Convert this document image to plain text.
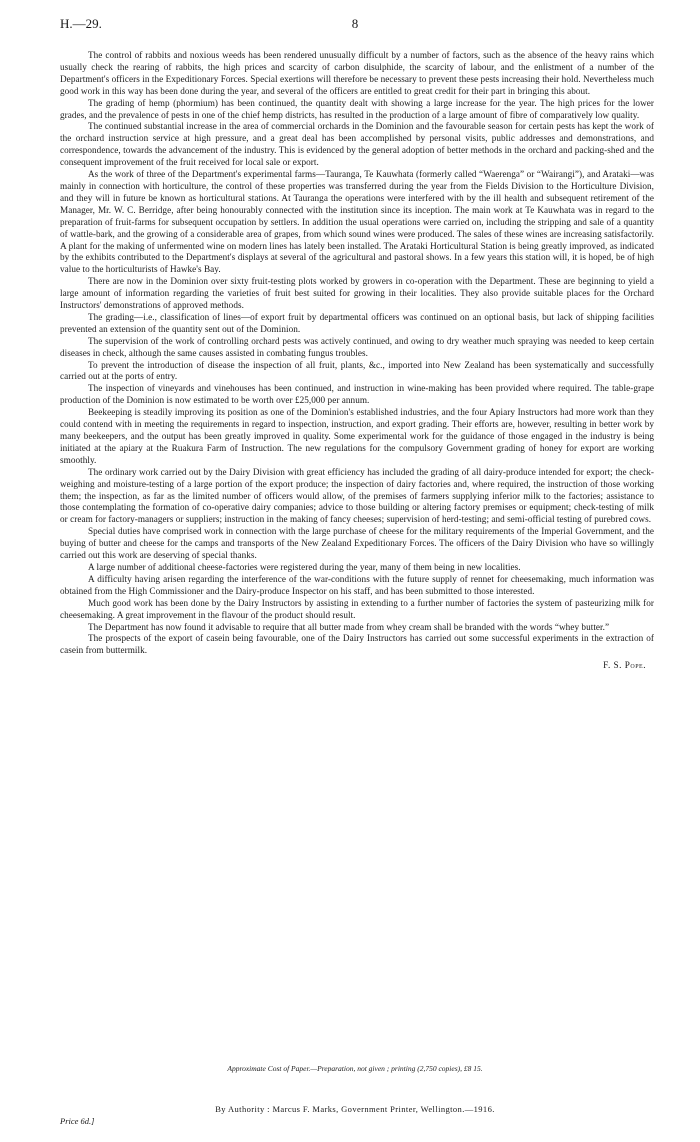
H.—29.	8

The control of rabbits and noxious weeds has been rendered unusually difficult by a number of factors, such as the absence of the heavy rains which usually check the rearing of rabbits, the high prices and scarcity of carbon disulphide, the scarcity of labour, and the enlistment of a number of the Department's officers in the Expeditionary Forces. Special exertions will therefore be necessary to prevent these pests increasing their hold. Nevertheless much good work in this way has been done during the year, and several of the officers are entitled to great credit for their part in bringing this about.

The grading of hemp (phormium) has been continued, the quantity dealt with showing a large increase for the year. The high prices for the lower grades, and the prevalence of pests in one of the chief hemp districts, has resulted in the production of a large amount of fibre of comparatively low quality.

The continued substantial increase in the area of commercial orchards in the Dominion and the favourable season for certain pests has kept the work of the orchard instruction service at high pressure, and a great deal has been accomplished by personal visits, public addresses and demonstrations, and correspondence, towards the advancement of the industry. This is evidenced by the general adoption of better methods in the orchard and packing-shed and the consequent improvement of the fruit received for local sale or export.

As the work of three of the Department's experimental farms—Tauranga, Te Kauwhata (formerly called “Waerenga” or “Wairangi”), and Arataki—was mainly in connection with horticulture, the control of these properties was transferred during the year from the Fields Division to the Horticulture Division, and they will in future be known as horticultural stations. At Tauranga the operations were interfered with by the ill health and subsequent retirement of the Manager, Mr. W. C. Berridge, after being honourably connected with the institution since its inception. The main work at Te Kauwhata was in regard to the preparation of fruit-farms for subsequent occupation by settlers. In addition the usual operations were carried on, including the stripping and sale of a quantity of wattle-bark, and the growing of a considerable area of grapes, from which sound wines were produced. The sales of these wines are increasing satisfactorily. A plant for the making of unfermented wine on modern lines has lately been installed. The Arataki Horticultural Station is being greatly improved, as indicated by the exhibits contributed to the Department's displays at several of the agricultural and pastoral shows. In a few years this station will, it is hoped, be of high value to the horticulturists of Hawke's Bay.

There are now in the Dominion over sixty fruit-testing plots worked by growers in co-operation with the Department. These are beginning to yield a large amount of information regarding the varieties of fruit best suited for growing in their localities. They also provide suitable places for the Orchard Instructors' demonstrations of approved methods.

The grading—i.e., classification of lines—of export fruit by departmental officers was continued on an optional basis, but lack of shipping facilities prevented an extension of the quantity sent out of the Dominion.

The supervision of the work of controlling orchard pests was actively continued, and owing to dry weather much spraying was needed to keep certain diseases in check, although the same causes assisted in combating fungus troubles.

To prevent the introduction of disease the inspection of all fruit, plants, &c., imported into New Zealand has been systematically and successfully carried out at the ports of entry.

The inspection of vineyards and vinehouses has been continued, and instruction in wine-making has been provided where required. The table-grape production of the Dominion is now estimated to be worth over £25,000 per annum.

Beekeeping is steadily improving its position as one of the Dominion's established industries, and the four Apiary Instructors had more work than they could contend with in meeting the requirements in regard to inspection, instruction, and export grading. Their efforts are, however, resulting in better work by many beekeepers, and the output has been greatly improved in quality. Some experimental work for the guidance of those engaged in the industry is being initiated at the apiary at the Ruakura Farm of Instruction. The new regulations for the compulsory Government grading of honey for export are working smoothly.

The ordinary work carried out by the Dairy Division with great efficiency has included the grading of all dairy-produce intended for export; the check-weighing and moisture-testing of a large portion of the export produce; the inspection of dairy factories and, where required, the instruction of those working them; the inspection, as far as the limited number of officers would allow, of the premises of farmers supplying inferior milk to the factories; assistance to those contemplating the formation of co-operative dairy companies; advice to those building or altering factory premises or equipment; check-testing of milk or cream for factory-managers or suppliers; instruction in the making of fancy cheeses; supervision of herd-testing; and semi-official testing of purebred cows.

Special duties have comprised work in connection with the large purchase of cheese for the military requirements of the Imperial Government, and the buying of butter and cheese for the camps and transports of the New Zealand Expeditionary Forces. The officers of the Dairy Division who have so willingly carried out this work are deserving of special thanks.

A large number of additional cheese-factories were registered during the year, many of them being in new localities.

A difficulty having arisen regarding the interference of the war-conditions with the future supply of rennet for cheesemaking, much information was obtained from the High Commissioner and the Dairy-produce Inspector on his staff, and has been submitted to those interested.

Much good work has been done by the Dairy Instructors by assisting in extending to a further number of factories the system of pasteurizing milk for cheesemaking. A great improvement in the flavour of the product should result.

The Department has now found it advisable to require that all butter made from whey cream shall be branded with the words “whey butter.”

The prospects of the export of casein being favourable, one of the Dairy Instructors has carried out some successful experiments in the extraction of casein from buttermilk.

F. S. Pope.

Approximate Cost of Paper.—Preparation, not given ; printing (2,750 copies), £8 15.
By Authority : Marcus F. Marks, Government Printer, Wellington.—1916.
Price 6d.]
